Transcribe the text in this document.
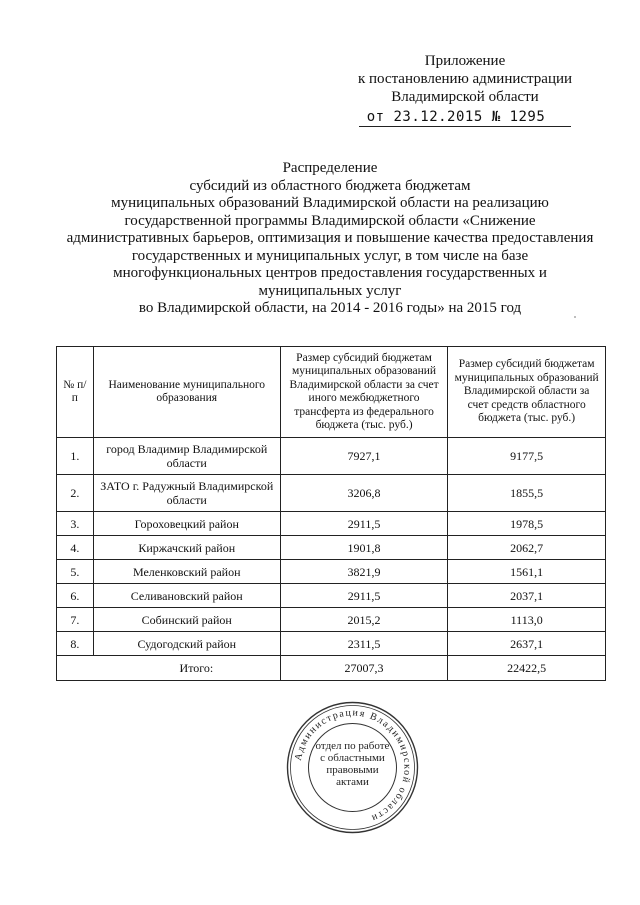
Приложение
к постановлению администрации
Владимирской области
от 23.12.2015 № 1295
Распределение
субсидий из областного бюджета бюджетам
муниципальных образований Владимирской области на реализацию
государственной программы Владимирской области «Снижение
административных барьеров, оптимизация и повышение качества предоставления
государственных и муниципальных услуг, в том числе на базе
многофункциональных центров предоставления государственных и
муниципальных услуг
во Владимирской области, на 2014 - 2016 годы» на 2015 год
№ п/п	Наименование муниципального образования	Размер субсидий бюджетам муниципальных образований Владимирской области за счет иного межбюджетного трансферта из федерального бюджета (тыс. руб.)	Размер субсидий бюджетам муниципальных образований Владимирской области за счет средств областного бюджета (тыс. руб.)
1.	город Владимир Владимирской области	7927,1	9177,5
2.	ЗАТО г. Радужный Владимирской области	3206,8	1855,5
3.	Гороховецкий район	2911,5	1978,5
4.	Киржачский район	1901,8	2062,7
5.	Меленковский район	3821,9	1561,1
6.	Селивановский район	2911,5	2037,1
7.	Собинский район	2015,2	1113,0
8.	Судогодский район	2311,5	2637,1
Итого:		27007,3	22422,5
Администрация Владимирской области
отдел по работе
с областными
правовыми
актами
